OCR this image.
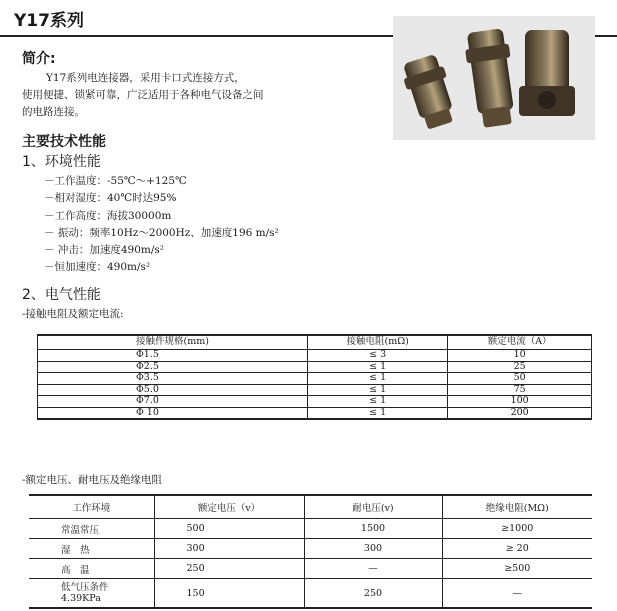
Y17系列
简介:
Y17系列电连接器，采用卡口式连接方式，
使用便捷、锁紧可靠，广泛适用于各种电气设备之间
的电路连接。
主要技术性能
1、环境性能
－工作温度：-55℃～+125℃
－相对湿度：40℃时达95%
－工作高度：海拔30000m
－ 振动：频率10Hz～2000Hz、加速度196 m/s²
－ 冲击：加速度490m/s²
－恒加速度：490m/s²
2、电气性能
-接触电阻及额定电流:
接触件规格(mm)	接触电阻(mΩ)	额定电流（A）
Φ1.5	≤ 3	10
Φ2.5	≤ 1	25
Φ3.5	≤ 1	50
Φ5.0	≤ 1	75
Φ7.0	≤ 1	100
Φ 10	≤ 1	200
-额定电压、耐电压及绝缘电阻
工作环境	额定电压（v）	耐电压(v)	绝缘电阻(MΩ)
常温常压	500	1500	≥1000
湿　热	300	300	≥ 20
高　温	250	—	≥500

低气压条件
4.39KPa	150	250	—
